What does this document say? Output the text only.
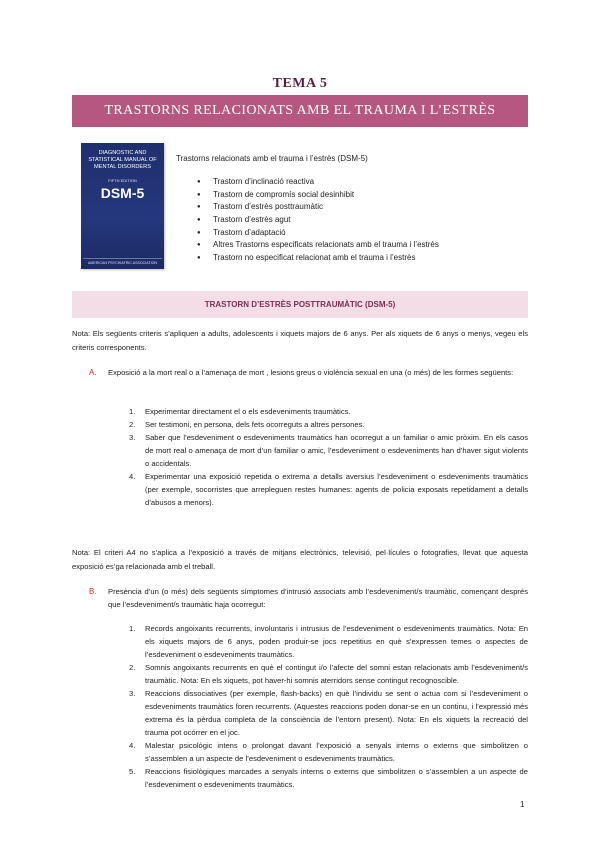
TEMA 5
TRASTORNS RELACIONATS AMB EL TRAUMA I L’ESTRÈS
DIAGNOSTIC AND STATISTICAL MANUAL OF MENTAL DISORDERS
FIFTH EDITION
DSM-5
AMERICAN PSYCHIATRIC ASSOCIATION
Trastorns relacionats amb el trauma i l’estrès (DSM-5)
● Trastorn d’inclinació reactiva
● Trastorn de compromís social desinhibit
● Trastorn d’estrès posttraumàtic
● Trastorn d’estrès agut
● Trastorn d’adaptació
● Altres Trastorns especificats relacionats amb el trauma i l’estrès
● Trastorn no especificat relacionat amb el trauma i l’estrès
TRASTORN D’ESTRÈS POSTTRAUMÀTIC (DSM-5)
Nota: Els següents criteris s’apliquen a adults, adolescents i xiquets majors de 6 anys. Per als xiquets de 6 anys o menys, vegeu els criteris corresponents.
A. Exposició a la mort real o a l’amenaça de mort , lesions greus o violència sexual en una (o més) de les formes següents:
1. Experimentar directament el o els esdeveniments traumàtics.
2. Ser testimoni, en persona, dels fets ocorreguts a altres persones.
3. Saber que l’esdeveniment o esdeveniments traumàtics han ocorregut a un familiar o amic pròxim. En els casos de mort real o amenaça de mort d’un familiar o amic, l’esdeveniment o esdeveniments han d’haver sigut violents o accidentals.
4. Experimentar una exposició repetida o extrema a detalls aversius l’esdeveniment o esdeveniments traumàtics (per exemple, socorristes que arrepleguen restes humanes: agents de policia exposats repetidament a detalls d’abusos a menors).
Nota: El criteri A4 no s’aplica a l’exposició a través de mitjans electrònics, televisió, pel·lícules o fotografies, llevat que aquesta exposició es’ga relacionada amb el treball.
B. Presència d’un (o més) dels següents símptomes d’intrusió associats amb l’esdeveniment/s traumàtic, començant després que l’esdeveniment/s traumàtic haja ocorregut:
1. Records angoixants recurrents, involuntaris i intrusius de l’esdeveniment o esdeveniments traumàtics. Nota: En els xiquets majors de 6 anys, poden produir-se jocs repetitius en què s’expressen temes o aspectes de l’esdeveniment o esdeveniments traumàtics.
2. Somnis angoixants recurrents en què el contingut i/o l’afecte del somni estan relacionats amb l’esdeveniment/s traumàtic. Nota: En els xiquets, pot haver-hi somnis aterridors sense contingut recognoscible.
3. Reaccions dissociatives (per exemple, flash-backs) en què l’individu se sent o actua com si l’esdeveniment o esdeveniments traumàtics foren recurrents. (Aquestes reaccions poden donar-se en un continu, i l’expressió més extrema és la pèrdua completa de la consciència de l’entorn present). Nota: En els xiquets la recreació del trauma pot ocórrer en el joc.
4. Malestar psicològic intens o prolongat davant l’exposició a senyals interns o externs que simbolitzen o s’assemblen a un aspecte de l’esdeveniment o esdeveniments traumàtics.
5. Reaccions fisiològiques marcades a senyals interns o externs que simbolitzen o s’assemblen a un aspecte de l’esdeveniment o esdeveniments traumàtics.
1
